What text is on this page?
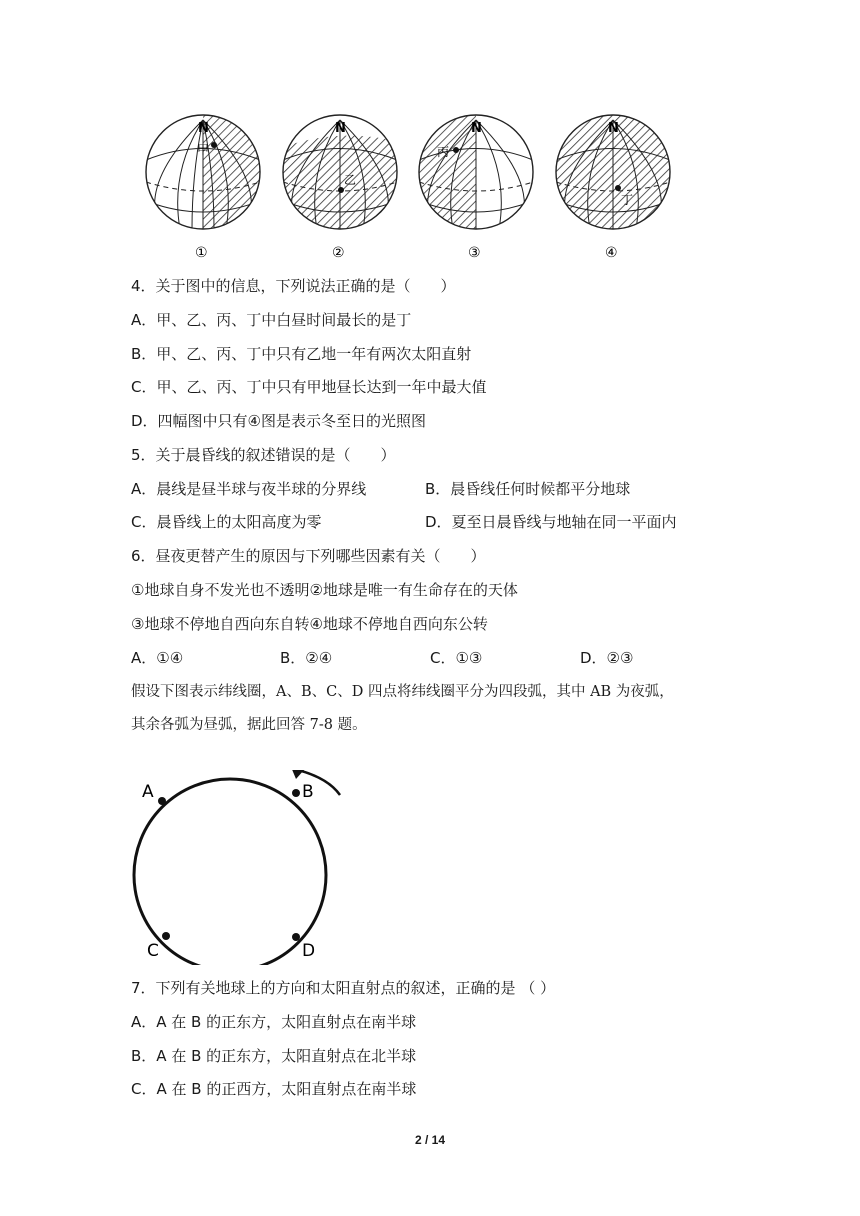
N
甲
①
N
乙
②
N
丙
③
N
丁
④
4．关于图中的信息，下列说法正确的是（　　）
A．甲、乙、丙、丁中白昼时间最长的是丁
B．甲、乙、丙、丁中只有乙地一年有两次太阳直射
C．甲、乙、丙、丁中只有甲地昼长达到一年中最大值
D．四幅图中只有④图是表示冬至日的光照图
5．关于晨昏线的叙述错误的是（　　）
A．晨线是昼半球与夜半球的分界线	B．晨昏线任何时候都平分地球
C．晨昏线上的太阳高度为零	D．夏至日晨昏线与地轴在同一平面内
6．昼夜更替产生的原因与下列哪些因素有关（　　）
①地球自身不发光也不透明②地球是唯一有生命存在的天体
③地球不停地自西向东自转④地球不停地自西向东公转
A．①④	B．②④	C．①③	D．②③
假设下图表示纬线圈，A、B、C、D 四点将纬线圈平分为四段弧，其中 AB 为夜弧，
其余各弧为昼弧，据此回答 7-8 题。
A	B
C	D
7．下列有关地球上的方向和太阳直射点的叙述，正确的是 （ ）
A．A 在 B 的正东方，太阳直射点在南半球
B．A 在 B 的正东方，太阳直射点在北半球
C．A 在 B 的正西方，太阳直射点在南半球
2 / 14
